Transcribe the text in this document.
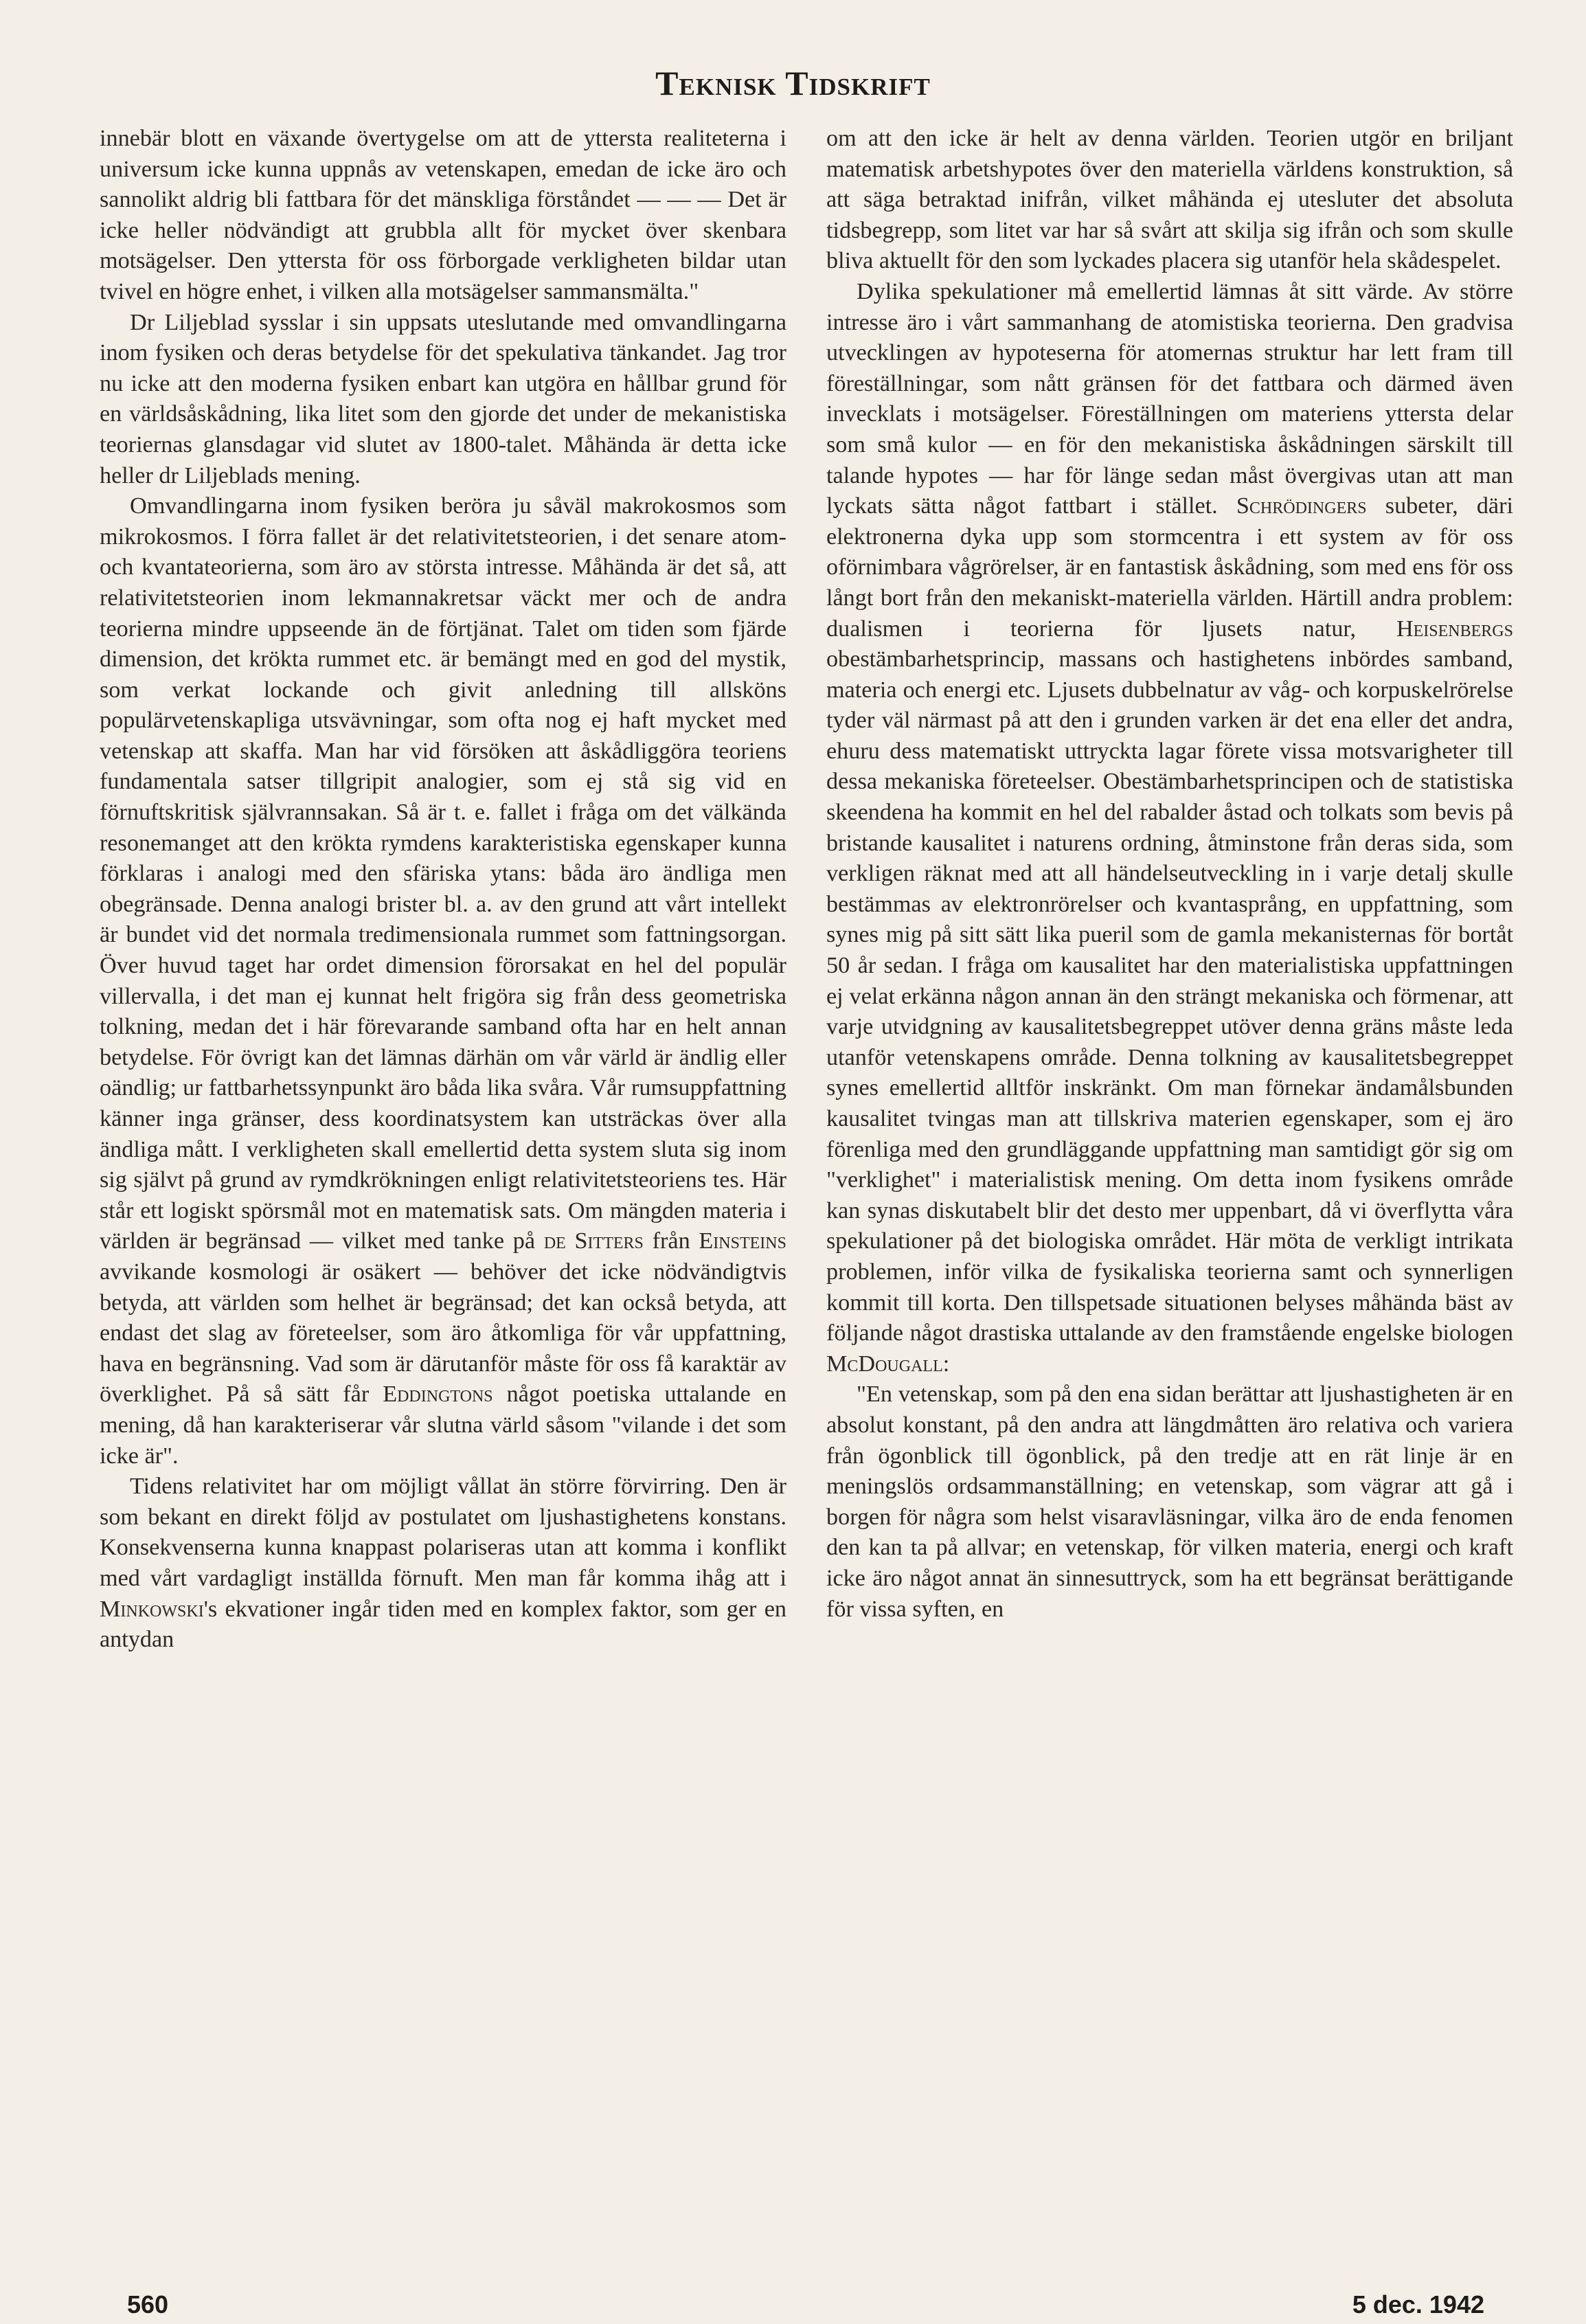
Teknisk Tidskrift

innebär blott en växande övertygelse om att de yttersta realiteterna i universum icke kunna uppnås av vetenskapen, emedan de icke äro och sannolikt aldrig bli fattbara för det mänskliga förståndet — — — Det är icke heller nödvändigt att grubbla allt för mycket över skenbara motsägelser. Den yttersta för oss förborgade verkligheten bildar utan tvivel en högre enhet, i vilken alla motsägelser sammansmälta."

Dr Liljeblad sysslar i sin uppsats uteslutande med omvandlingarna inom fysiken och deras betydelse för det spekulativa tänkandet. Jag tror nu icke att den moderna fysiken enbart kan utgöra en hållbar grund för en världsåskådning, lika litet som den gjorde det under de mekanistiska teoriernas glansdagar vid slutet av 1800-talet. Måhända är detta icke heller dr Liljeblads mening.

Omvandlingarna inom fysiken beröra ju såväl makrokosmos som mikrokosmos. I förra fallet är det relativitetsteorien, i det senare atom- och kvantateorierna, som äro av största intresse. Måhända är det så, att relativitetsteorien inom lekmannakretsar väckt mer och de andra teorierna mindre uppseende än de förtjänat. Talet om tiden som fjärde dimension, det krökta rummet etc. är bemängt med en god del mystik, som verkat lockande och givit anledning till allsköns populärvetenskapliga utsvävningar, som ofta nog ej haft mycket med vetenskap att skaffa. Man har vid försöken att åskådliggöra teoriens fundamentala satser tillgripit analogier, som ej stå sig vid en förnuftskritisk självrannsakan. Så är t. e. fallet i fråga om det välkända resonemanget att den krökta rymdens karakteristiska egenskaper kunna förklaras i analogi med den sfäriska ytans: båda äro ändliga men obegränsade. Denna analogi brister bl. a. av den grund att vårt intellekt är bundet vid det normala tredimensionala rummet som fattningsorgan. Över huvud taget har ordet dimension förorsakat en hel del populär villervalla, i det man ej kunnat helt frigöra sig från dess geometriska tolkning, medan det i här förevarande samband ofta har en helt annan betydelse. För övrigt kan det lämnas därhän om vår värld är ändlig eller oändlig; ur fattbarhetssynpunkt äro båda lika svåra. Vår rumsuppfattning känner inga gränser, dess koordinatsystem kan utsträckas över alla ändliga mått. I verkligheten skall emellertid detta system sluta sig inom sig självt på grund av rymdkrökningen enligt relativitetsteoriens tes. Här står ett logiskt spörsmål mot en matematisk sats. Om mängden materia i världen är begränsad — vilket med tanke på de Sitters från Einsteins avvikande kosmologi är osäkert — behöver det icke nödvändigtvis betyda, att världen som helhet är begränsad; det kan också betyda, att endast det slag av företeelser, som äro åtkomliga för vår uppfattning, hava en begränsning. Vad som är därutanför måste för oss få karaktär av överklighet. På så sätt får Eddingtons något poetiska uttalande en mening, då han karakteriserar vår slutna värld såsom "vilande i det som icke är".

Tidens relativitet har om möjligt vållat än större förvirring. Den är som bekant en direkt följd av postulatet om ljushastighetens konstans. Konsekvenserna kunna knappast polariseras utan att komma i konflikt med vårt vardagligt inställda förnuft. Men man får komma ihåg att i Minkowski's ekvationer ingår tiden med en komplex faktor, som ger en antydan

om att den icke är helt av denna världen. Teorien utgör en briljant matematisk arbetshypotes över den materiella världens konstruktion, så att säga betraktad inifrån, vilket måhända ej utesluter det absoluta tidsbegrepp, som litet var har så svårt att skilja sig ifrån och som skulle bliva aktuellt för den som lyckades placera sig utanför hela skådespelet.

Dylika spekulationer må emellertid lämnas åt sitt värde. Av större intresse äro i vårt sammanhang de atomistiska teorierna. Den gradvisa utvecklingen av hypoteserna för atomernas struktur har lett fram till föreställningar, som nått gränsen för det fattbara och därmed även invecklats i motsägelser. Föreställningen om materiens yttersta delar som små kulor — en för den mekanistiska åskådningen särskilt till talande hypotes — har för länge sedan måst övergivas utan att man lyckats sätta något fattbart i stället. Schrödingers subeter, däri elektronerna dyka upp som stormcentra i ett system av för oss oförnimbara vågrörelser, är en fantastisk åskådning, som med ens för oss långt bort från den mekaniskt-materiella världen. Härtill andra problem: dualismen i teorierna för ljusets natur, Heisenbergs obestämbarhetsprincip, massans och hastighetens inbördes samband, materia och energi etc. Ljusets dubbelnatur av våg- och korpuskelrörelse tyder väl närmast på att den i grunden varken är det ena eller det andra, ehuru dess matematiskt uttryckta lagar förete vissa motsvarigheter till dessa mekaniska företeelser. Obestämbarhetsprincipen och de statistiska skeendena ha kommit en hel del rabalder åstad och tolkats som bevis på bristande kausalitet i naturens ordning, åtminstone från deras sida, som verkligen räknat med att all händelseutveckling in i varje detalj skulle bestämmas av elektronrörelser och kvantasprång, en uppfattning, som synes mig på sitt sätt lika pueril som de gamla mekanisternas för bortåt 50 år sedan. I fråga om kausalitet har den materialistiska uppfattningen ej velat erkänna någon annan än den strängt mekaniska och förmenar, att varje utvidgning av kausalitetsbegreppet utöver denna gräns måste leda utanför vetenskapens område. Denna tolkning av kausalitetsbegreppet synes emellertid alltför inskränkt. Om man förnekar ändamålsbunden kausalitet tvingas man att tillskriva materien egenskaper, som ej äro förenliga med den grundläggande uppfattning man samtidigt gör sig om "verklighet" i materialistisk mening. Om detta inom fysikens område kan synas diskutabelt blir det desto mer uppenbart, då vi överflytta våra spekulationer på det biologiska området. Här möta de verkligt intrikata problemen, inför vilka de fysikaliska teorierna samt och synnerligen kommit till korta. Den tillspetsade situationen belyses måhända bäst av följande något drastiska uttalande av den framstående engelske biologen McDougall:

"En vetenskap, som på den ena sidan berättar att ljushastigheten är en absolut konstant, på den andra att längdmåtten äro relativa och variera från ögonblick till ögonblick, på den tredje att en rät linje är en meningslös ordsammanställning; en vetenskap, som vägrar att gå i borgen för några som helst visaravläsningar, vilka äro de enda fenomen den kan ta på allvar; en vetenskap, för vilken materia, energi och kraft icke äro något annat än sinnesuttryck, som ha ett begränsat berättigande för vissa syften, en

560	5 dec. 1942
